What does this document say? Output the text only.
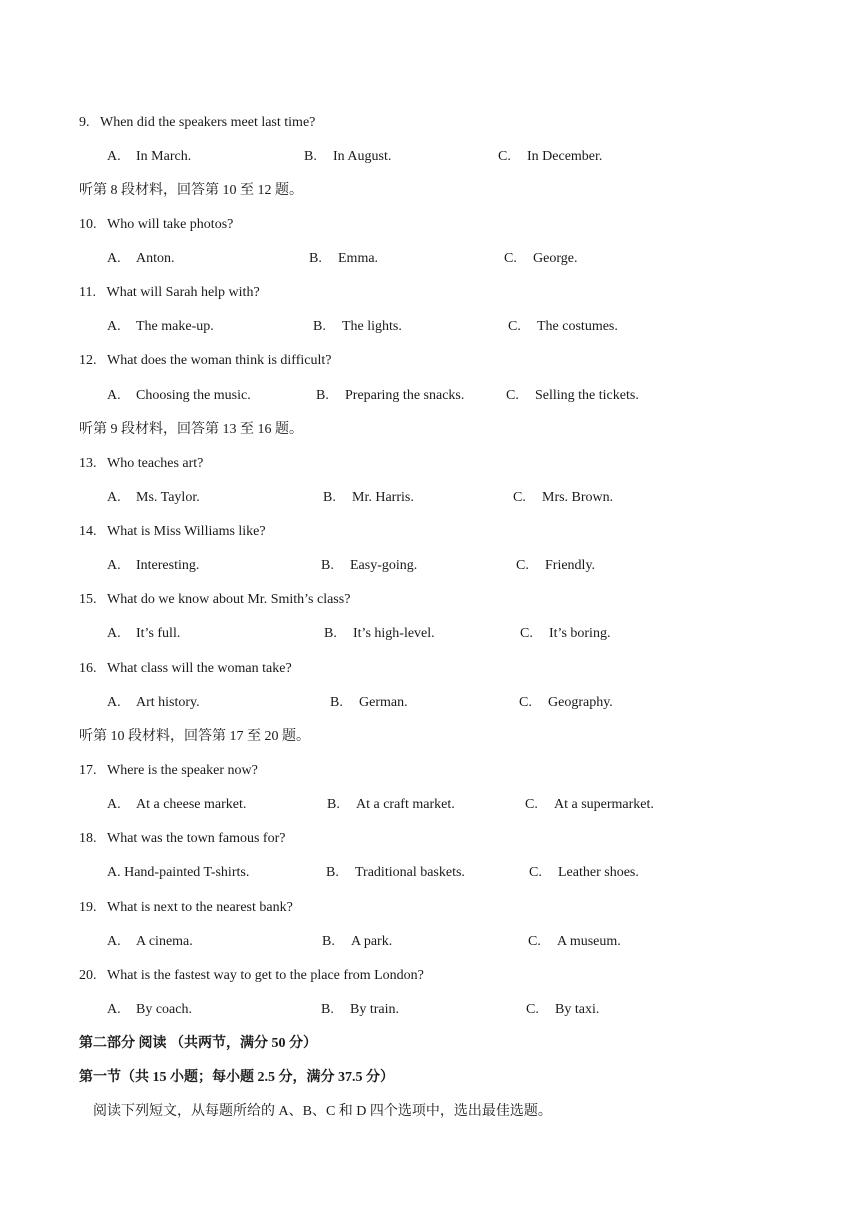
9. When did the speakers meet last time?
A. In March.	B. In August.	C. In December.
听第 8 段材料，回答第 10 至 12 题。
10. Who will take photos?
A. Anton.	B. Emma.	C. George.
11. What will Sarah help with?
A. The make-up.	B. The lights.	C. The costumes.
12. What does the woman think is difficult?
A. Choosing the music.	B. Preparing the snacks.	C. Selling the tickets.
听第 9 段材料，回答第 13 至 16 题。
13. Who teaches art?
A. Ms. Taylor.	B. Mr. Harris.	C. Mrs. Brown.
14. What is Miss Williams like?
A. Interesting.	B. Easy-going.	C. Friendly.
15. What do we know about Mr. Smith’s class?
A. It’s full.	B. It’s high-level.	C. It’s boring.
16. What class will the woman take?
A. Art history.	B. German.	C. Geography.
听第 10 段材料，回答第 17 至 20 题。
17. Where is the speaker now?
A. At a cheese market.	B. At a craft market.	C. At a supermarket.
18. What was the town famous for?
A. Hand-painted T-shirts.	B. Traditional baskets.	C. Leather shoes.
19. What is next to the nearest bank?
A. A cinema.	B. A park.	C. A museum.
20. What is the fastest way to get to the place from London?
A. By coach.	B. By train.	C. By taxi.
第二部分 阅读 （共两节，满分 50 分）
第一节（共 15 小题；每小题 2.5 分，满分 37.5 分）
阅读下列短文，从每题所给的 A、B、C 和 D 四个选项中，选出最佳选题。
